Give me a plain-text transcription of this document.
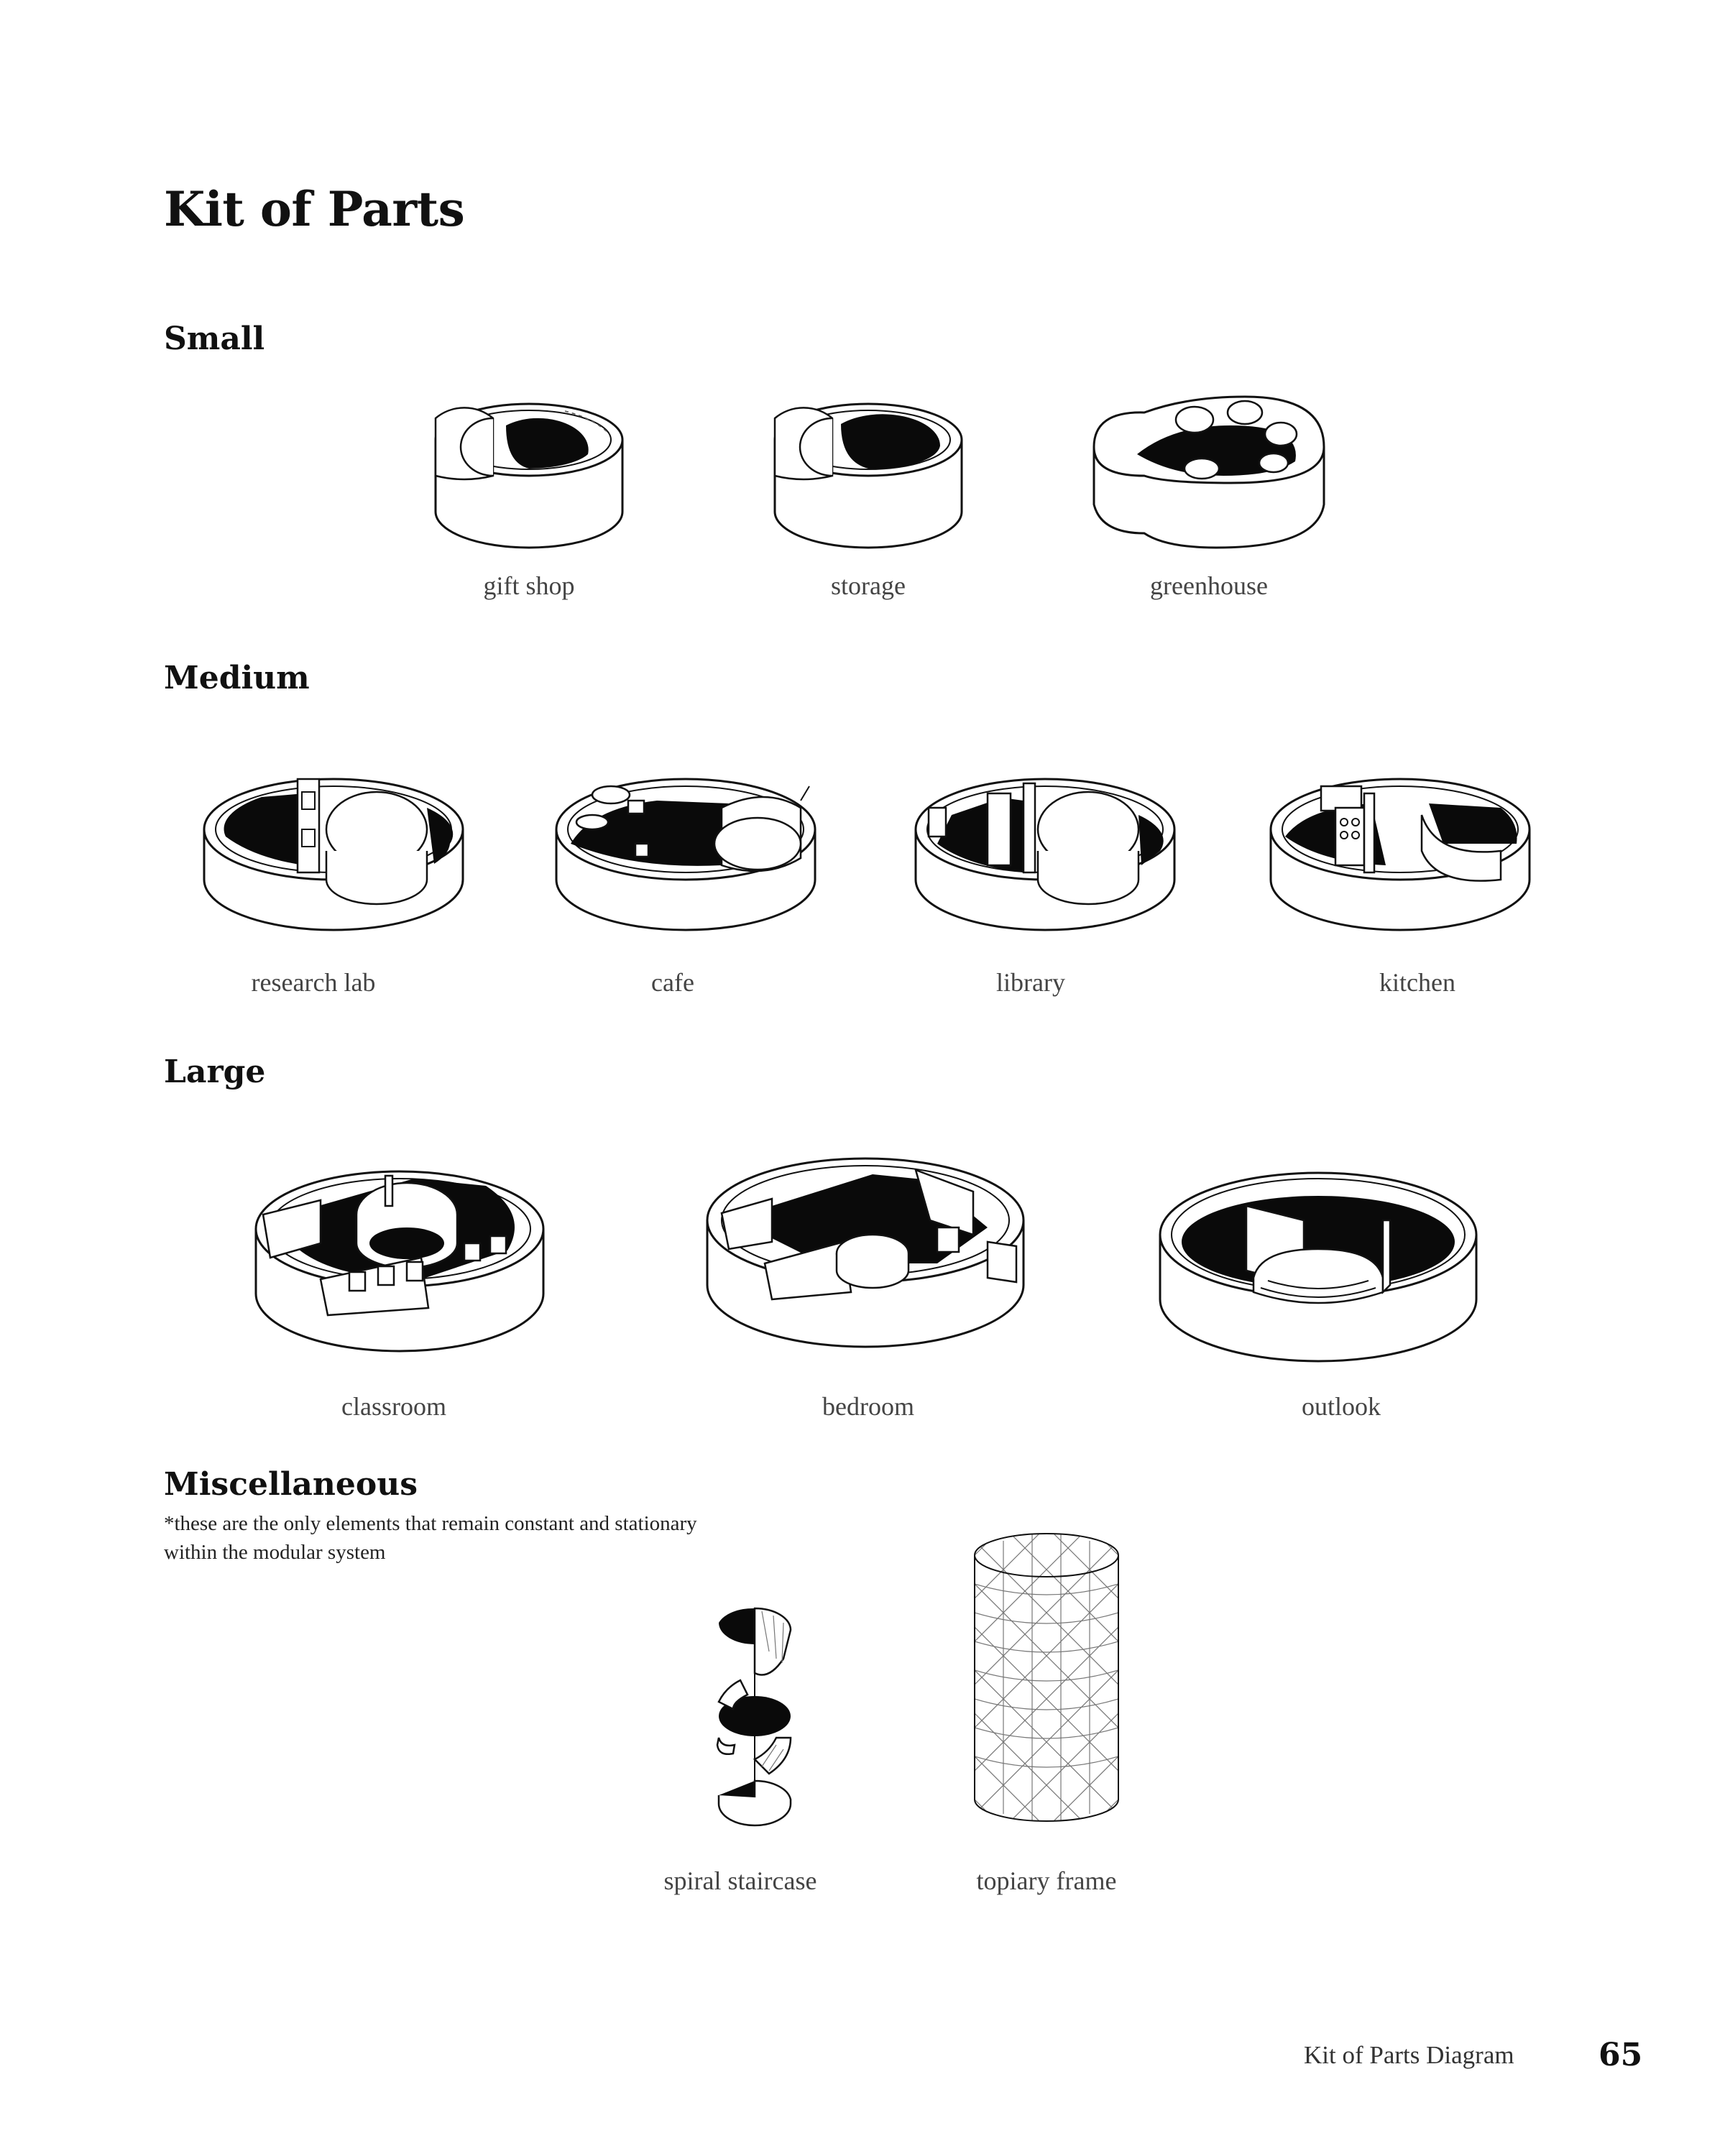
Kit of Parts
Small
gift shop	storage	greenhouse
Medium
research lab	cafe	library	kitchen
Large
classroom	bedroom	outlook
Miscellaneous
*these are the only elements that remain constant and stationary within the modular system
spiral staircase	topiary frame
Kit of Parts Diagram	65
